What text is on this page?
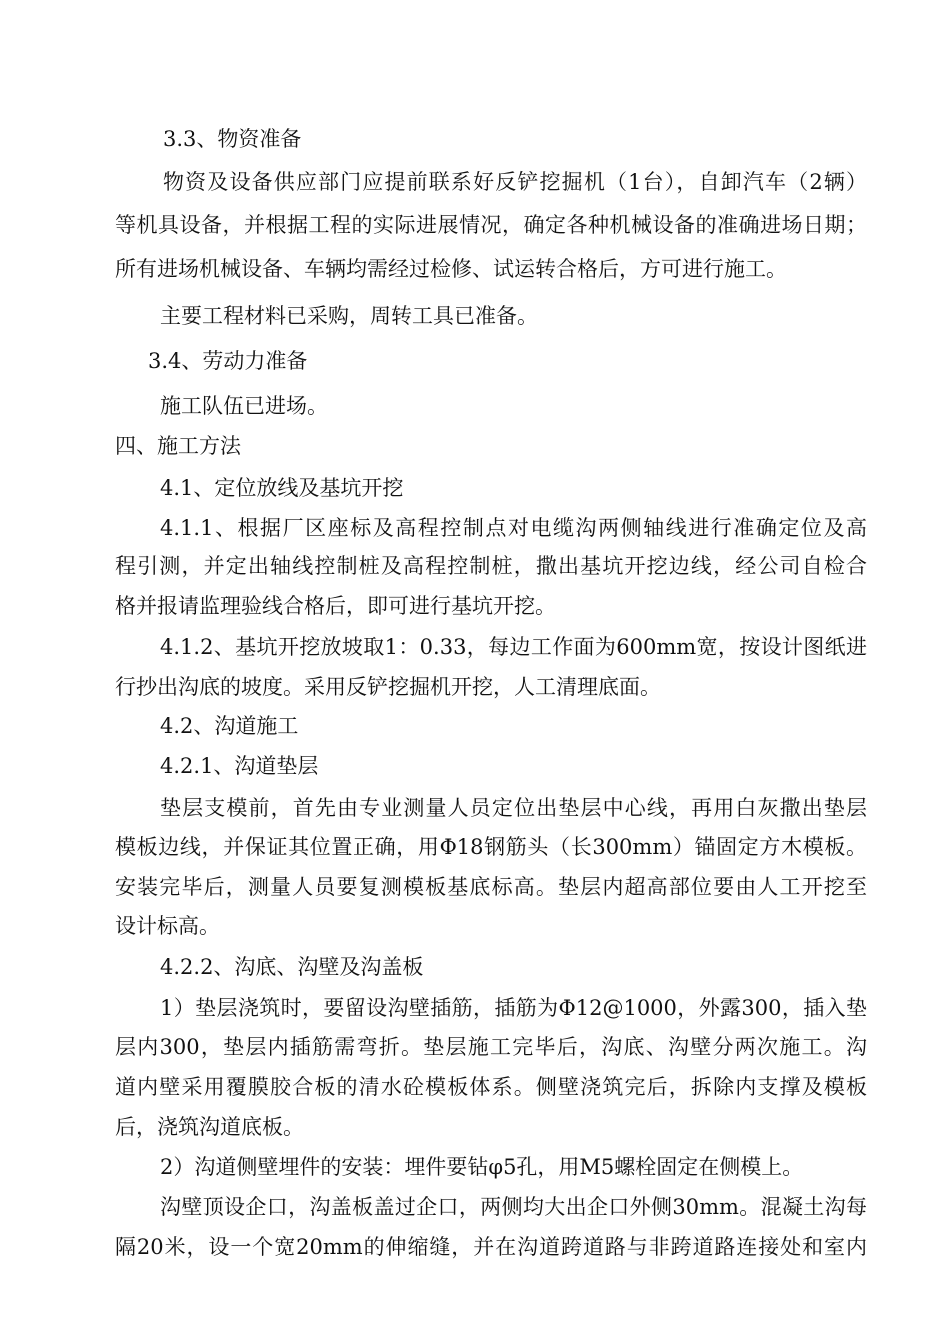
3.3、物资准备
物资及设备供应部门应提前联系好反铲挖掘机（1台），自卸汽车（2辆）
等机具设备，并根据工程的实际进展情况，确定各种机械设备的准确进场日期；
所有进场机械设备、车辆均需经过检修、试运转合格后，方可进行施工。
主要工程材料已采购，周转工具已准备。
3.4、劳动力准备
施工队伍已进场。
四、施工方法
4.1、定位放线及基坑开挖
4.1.1、根据厂区座标及高程控制点对电缆沟两侧轴线进行准确定位及高
程引测，并定出轴线控制桩及高程控制桩，撒出基坑开挖边线，经公司自检合
格并报请监理验线合格后，即可进行基坑开挖。
4.1.2、基坑开挖放坡取1：0.33，每边工作面为600mm宽，按设计图纸进
行抄出沟底的坡度。采用反铲挖掘机开挖，人工清理底面。
4.2、沟道施工
4.2.1、沟道垫层
垫层支模前，首先由专业测量人员定位出垫层中心线，再用白灰撒出垫层
模板边线，并保证其位置正确，用Φ18钢筋头（长300mm）锚固定方木模板。
安装完毕后，测量人员要复测模板基底标高。垫层内超高部位要由人工开挖至
设计标高。
4.2.2、沟底、沟壁及沟盖板
1）垫层浇筑时，要留设沟壁插筋，插筋为Φ12@1000，外露300，插入垫
层内300，垫层内插筋需弯折。垫层施工完毕后，沟底、沟壁分两次施工。沟
道内壁采用覆膜胶合板的清水砼模板体系。侧壁浇筑完后，拆除内支撑及模板
后，浇筑沟道底板。
2）沟道侧壁埋件的安装：埋件要钻φ5孔，用M5螺栓固定在侧模上。
沟壁顶设企口，沟盖板盖过企口，两侧均大出企口外侧30mm。混凝土沟每
隔20米，设一个宽20mm的伸缩缝，并在沟道跨道路与非跨道路连接处和室内
